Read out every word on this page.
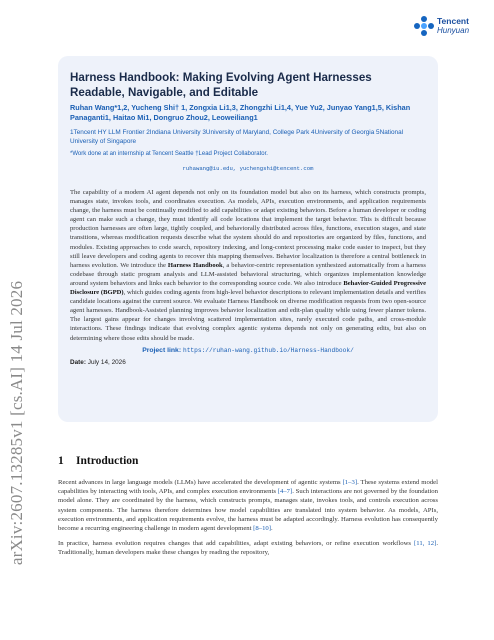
arXiv:2607.13285v1 [cs.AI] 14 Jul 2026
Tencent
Hunyuan
Harness Handbook: Making Evolving Agent Harnesses Readable, Navigable, and Editable
Ruhan Wang*1,2, Yucheng Shi† 1, Zongxia Li1,3, Zhongzhi Li1,4, Yue Yu2, Junyao Yang1,5, Kishan
Panaganti1, Haitao Mi1, Dongruo Zhou2, Leoweiliang1
1Tencent HY LLM Frontier 2Indiana University 3University of Maryland, College Park 4University of Georgia 5National University of Singapore
*Work done at an internship at Tencent Seattle †Lead Project Collaborator.
ruhawang@iu.edu, yuchengshi@tencent.com
The capability of a modern AI agent depends not only on its foundation model but also on its harness, which constructs prompts, manages state, invokes tools, and coordinates execution. As models, APIs, execution environments, and application requirements change, the harness must be continually modified to add capabilities or adapt existing behaviors. Before a human developer or coding agent can make such a change, they must identify all code locations that implement the target behavior. This is difficult because production harnesses are often large, tightly coupled, and behaviorally distributed across files, functions, execution stages, and state transitions, whereas modification requests describe what the system should do and repositories are organized by files, functions, and modules. Existing approaches to code search, repository indexing, and long-context processing make code easier to inspect, but they still leave developers and coding agents to recover this mapping themselves. Behavior localization is therefore a central bottleneck in harness evolution. We introduce the Harness Handbook, a behavior-centric representation synthesized automatically from a harness codebase through static program analysis and LLM-assisted behavioral structuring, which organizes implementation knowledge around system behaviors and links each behavior to the corresponding source code. We also introduce Behavior-Guided Progressive Disclosure (BGPD), which guides coding agents from high-level behavior descriptions to relevant implementation details and verifies candidate locations against the current source. We evaluate Harness Handbook on diverse modification requests from two open-source agent harnesses. Handbook-Assisted planning improves behavior localization and edit-plan quality while using fewer planner tokens. The largest gains appear for changes involving scattered implementation sites, rarely executed code paths, and cross-module interactions. These findings indicate that evolving complex agentic systems depends not only on generating edits, but also on determining where those edits should be made.
Project link: https://ruhan-wang.github.io/Harness-Handbook/
Date: July 14, 2026
1 Introduction

Recent advances in large language models (LLMs) have accelerated the development of agentic systems [1–3]. These systems extend model capabilities by interacting with tools, APIs, and complex execution environments [4–7]. Such interactions are not governed by the foundation model alone. They are coordinated by the harness, which constructs prompts, manages state, invokes tools, and controls execution across system components. The harness therefore determines how model capabilities are translated into system behavior. As models, APIs, execution environments, and application requirements evolve, the harness must be adapted accordingly. Harness evolution has consequently become a recurring engineering challenge in modern agent development [8–10].

In practice, harness evolution requires changes that add capabilities, adapt existing behaviors, or refine execution workflows [11, 12]. Traditionally, human developers make these changes by reading the repository,
